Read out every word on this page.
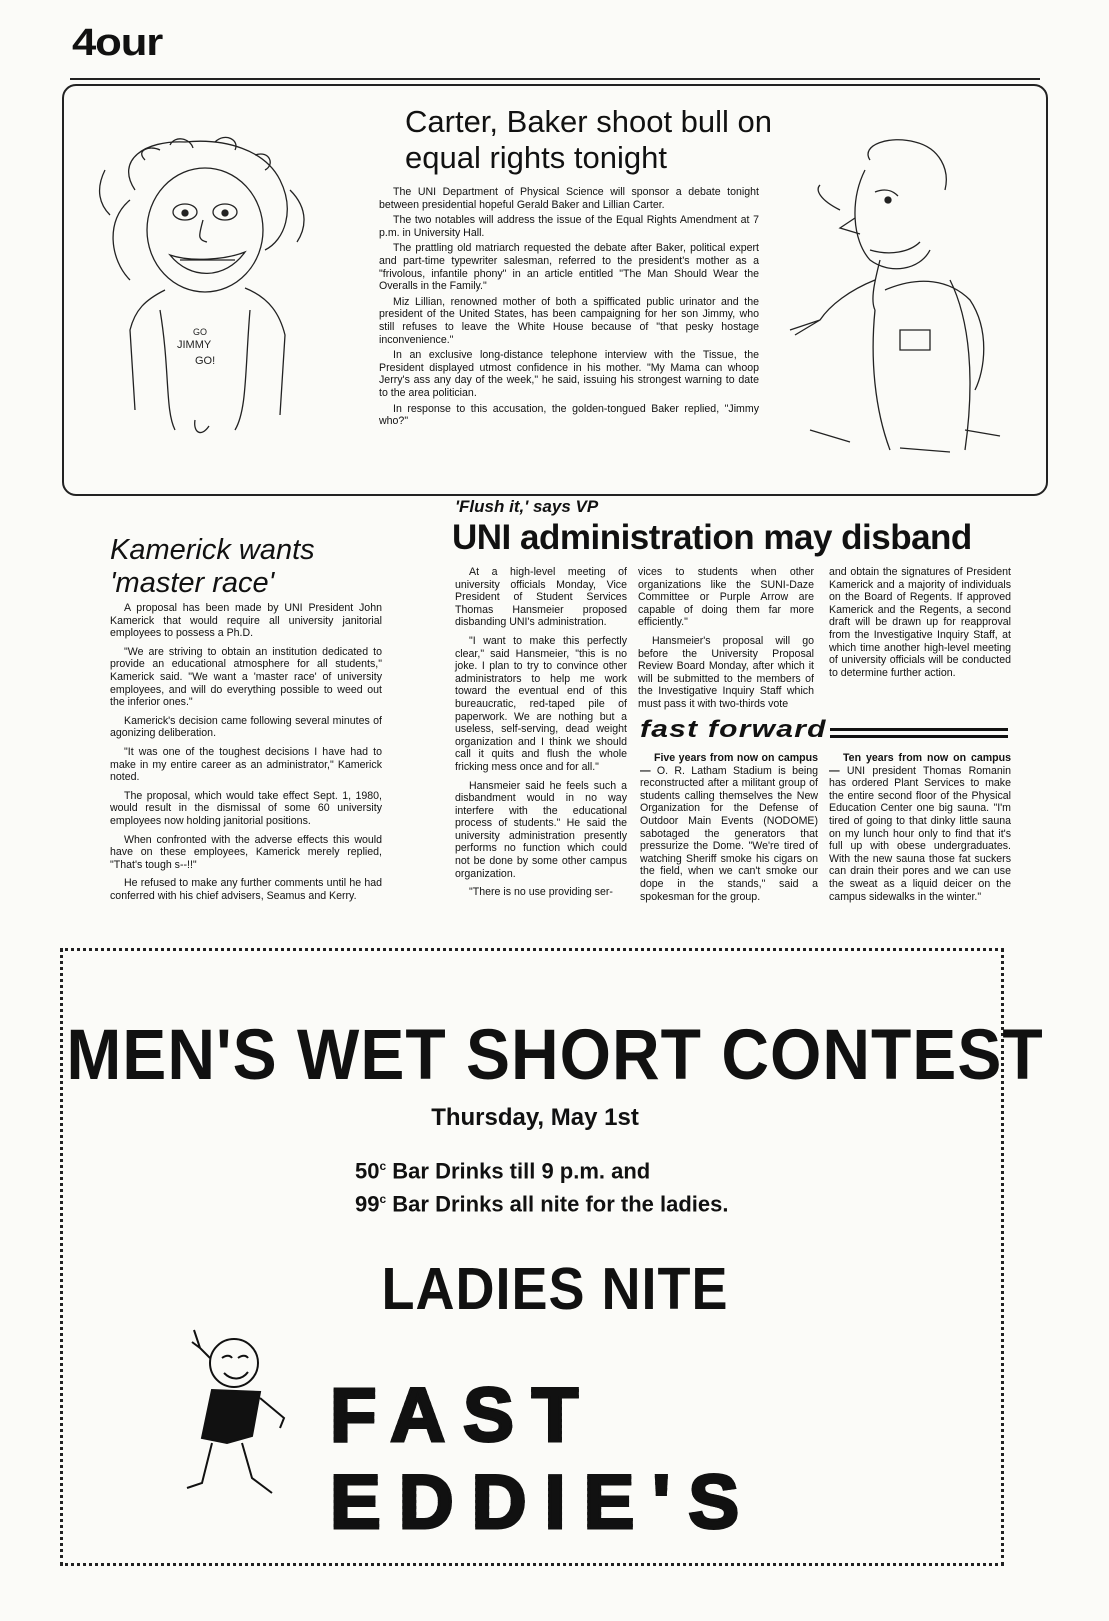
4our
GO
JIMMY
GO!
Carter, Baker shoot bull on equal rights tonight

The UNI Department of Physical Science will sponsor a debate tonight between presidential hopeful Gerald Baker and Lillian Carter.

The two notables will address the issue of the Equal Rights Amendment at 7 p.m. in University Hall.

The prattling old matriarch requested the debate after Baker, political expert and part-time typewriter salesman, referred to the president's mother as a "frivolous, infantile phony" in an article entitled "The Man Should Wear the Overalls in the Family."

Miz Lillian, renowned mother of both a spifficated public urinator and the president of the United States, has been campaigning for her son Jimmy, who still refuses to leave the White House because of "that pesky hostage inconvenience."

In an exclusive long-distance telephone interview with the Tissue, the President displayed utmost confidence in his mother. "My Mama can whoop Jerry's ass any day of the week," he said, issuing his strongest warning to date to the area politician.

In response to this accusation, the golden-tongued Baker replied, "Jimmy who?"

Kamerick wants 'master race'

A proposal has been made by UNI President John Kamerick that would require all university janitorial employees to possess a Ph.D.

"We are striving to obtain an institution dedicated to provide an educational atmosphere for all students," Kamerick said. "We want a 'master race' of university employees, and will do everything possible to weed out the inferior ones."

Kamerick's decision came following several minutes of agonizing deliberation.

"It was one of the toughest decisions I have had to make in my entire career as an administrator," Kamerick noted.

The proposal, which would take effect Sept. 1, 1980, would result in the dismissal of some 60 university employees now holding janitorial positions.

When confronted with the adverse effects this would have on these employees, Kamerick merely replied, "That's tough s--!!"

He refused to make any further comments until he had conferred with his chief advisers, Seamus and Kerry.

'Flush it,' says VP
UNI administration may disband

At a high-level meeting of university officials Monday, Vice President of Student Services Thomas Hansmeier proposed disbanding UNI's administration.

"I want to make this perfectly clear," said Hansmeier, "this is no joke. I plan to try to convince other administrators to help me work toward the eventual end of this bureaucratic, red-taped pile of paperwork. We are nothing but a useless, self-serving, dead weight organization and I think we should call it quits and flush the whole fricking mess once and for all."

Hansmeier said he feels such a disbandment would in no way interfere with the educational process of students." He said the university administration presently performs no function which could not be done by some other campus organization.

"There is no use providing ser-

vices to students when other organizations like the SUNI-Daze Committee or Purple Arrow are capable of doing them far more efficiently."

Hansmeier's proposal will go before the University Proposal Review Board Monday, after which it will be submitted to the members of the Investigative Inquiry Staff which must pass it with two-thirds vote

and obtain the signatures of President Kamerick and a majority of individuals on the Board of Regents. If approved Kamerick and the Regents, a second draft will be drawn up for reapproval from the Investigative Inquiry Staff, at which time another high-level meeting of university officials will be conducted to determine further action.

fast forward

Five years from now on campus — O. R. Latham Stadium is being reconstructed after a militant group of students calling themselves the New Organization for the Defense of Outdoor Main Events (NODOME) sabotaged the generators that pressurize the Dome. "We're tired of watching Sheriff smoke his cigars on the field, when we can't smoke our dope in the stands," said a spokesman for the group.

Ten years from now on campus— UNI president Thomas Romanin has ordered Plant Services to make the entire second floor of the Physical Education Center one big sauna. "I'm tired of going to that dinky little sauna on my lunch hour only to find that it's full up with obese undergraduates. With the new sauna those fat suckers can drain their pores and we can use the sweat as a liquid deicer on the campus sidewalks in the winter."

MEN'S WET SHORT CONTEST
Thursday, May 1st
50$^c$ Bar Drinks till 9 p.m. and
99$^c$ Bar Drinks all nite for the ladies.
LADIES NITE
FAST EDDIE'S
